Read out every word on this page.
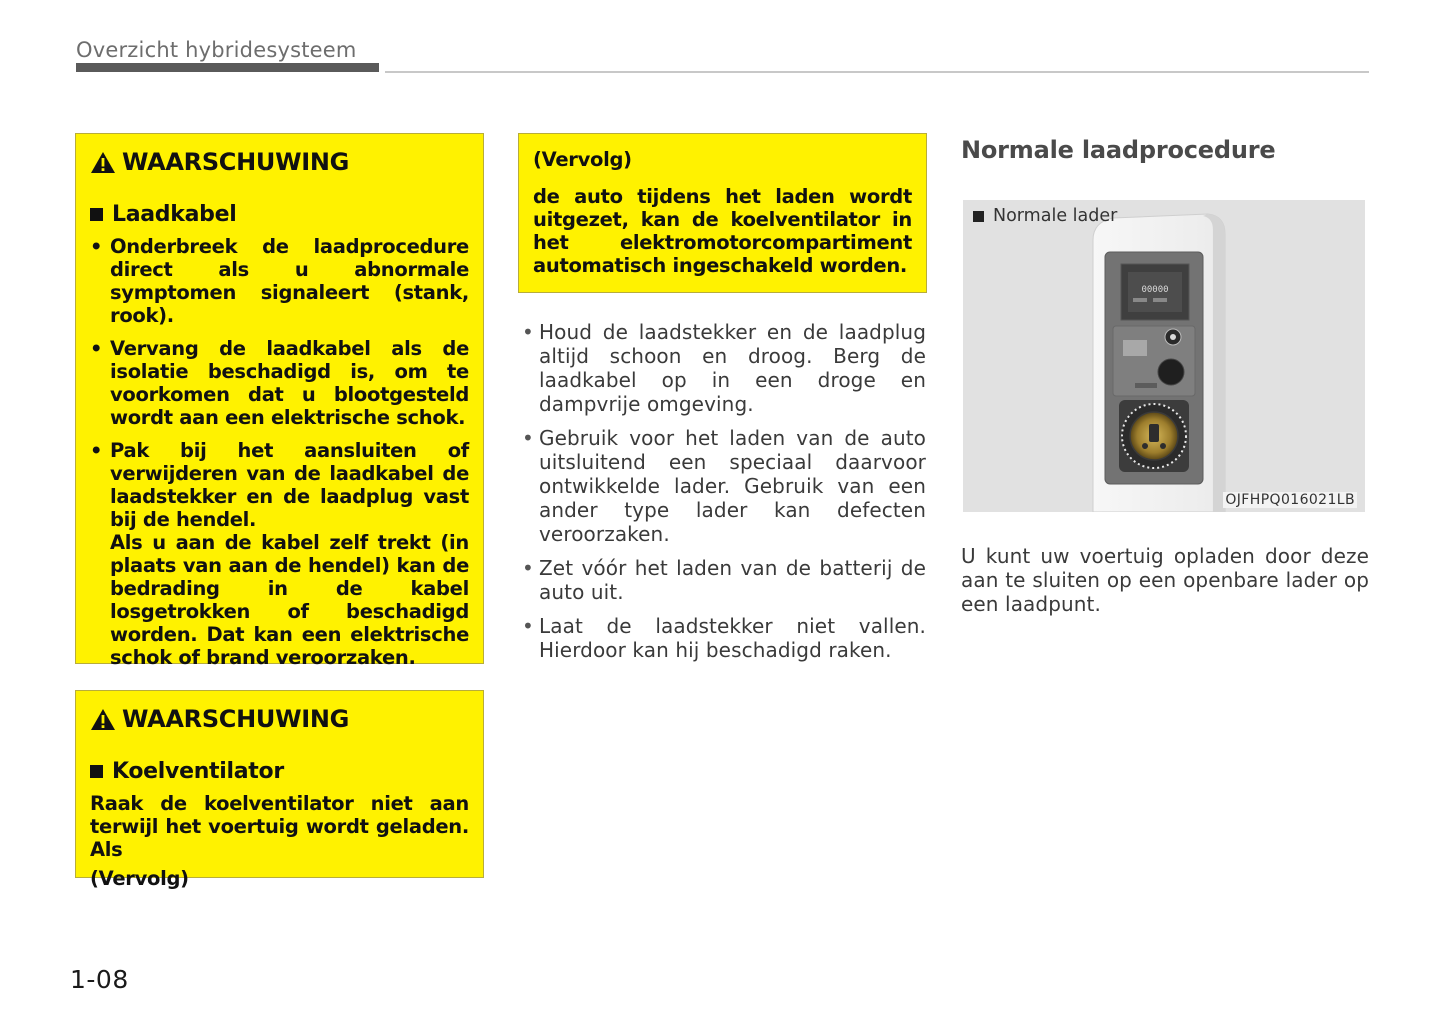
Overzicht hybridesysteem
WAARSCHUWING
Laadkabel
• Onderbreek de laadprocedure direct als u abnormale symptomen signaleert (stank, rook).
• Vervang de laadkabel als de isolatie beschadigd is, om te voorkomen dat u blootgesteld wordt aan een elektrische schok.
• Pak bij het aansluiten of verwijderen van de laadkabel de laadstekker en de laadplug vast bij de hendel.
Als u aan de kabel zelf trekt (in plaats van aan de hendel) kan de bedrading in de kabel losgetrokken of beschadigd worden. Dat kan een elektrische schok of brand veroorzaken.
WAARSCHUWING
Koelventilator
Raak de koelventilator niet aan terwijl het voertuig wordt geladen. Als
(Vervolg)
(Vervolg)
de auto tijdens het laden wordt uitgezet, kan de koelventilator in het elektromotorcompartiment automatisch ingeschakeld worden.
• Houd de laadstekker en de laadplug altijd schoon en droog. Berg de laadkabel op in een droge en dampvrije omgeving.
• Gebruik voor het laden van de auto uitsluitend een speciaal daarvoor ontwikkelde lader. Gebruik van een ander type lader kan defecten veroorzaken.
• Zet vóór het laden van de batterij de auto uit.
• Laat de laadstekker niet vallen. Hierdoor kan hij beschadigd raken.
Normale laadprocedure
Normale lader
00000
OJFHPQ016021LB
U kunt uw voertuig opladen door deze aan te sluiten op een openbare lader op een laadpunt.
1-08
